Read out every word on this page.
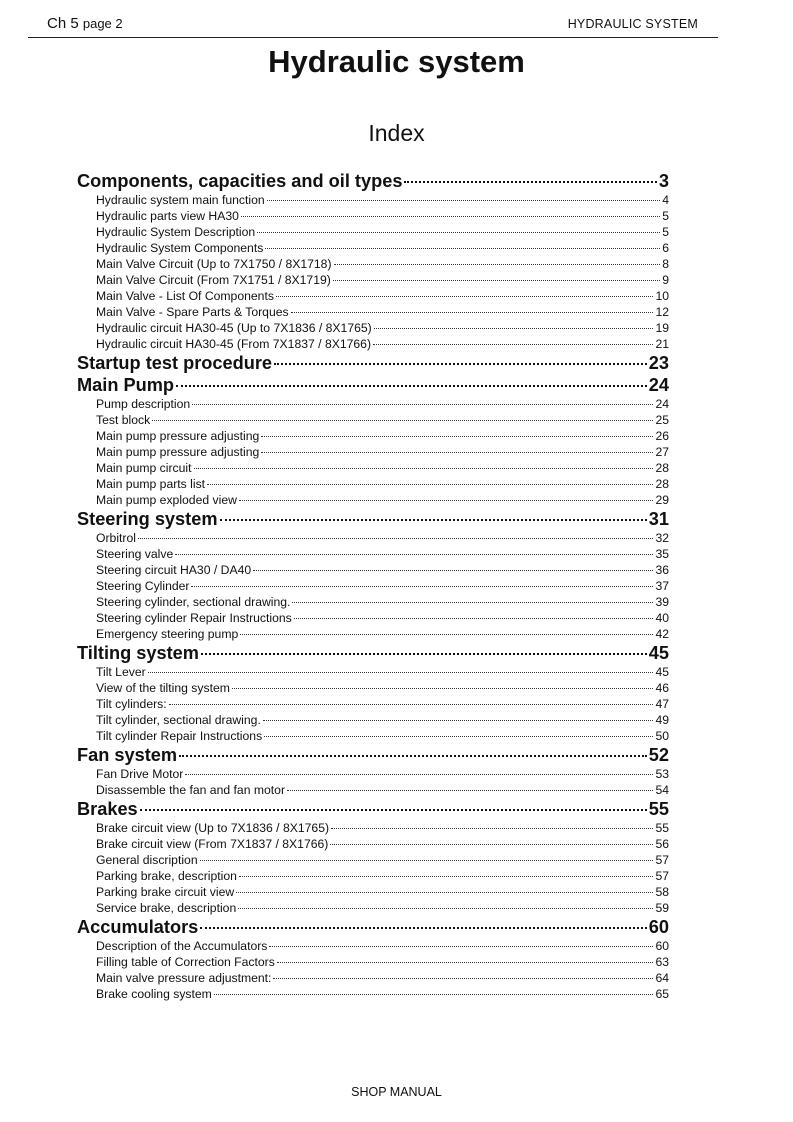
Ch 5 page 2	HYDRAULIC SYSTEM
Hydraulic system
Index
Components, capacities and oil types	3
Hydraulic system main function	4
Hydraulic parts view HA30	5
Hydraulic System Description	5
Hydraulic System Components	6
Main Valve Circuit (Up to 7X1750 / 8X1718)	8
Main Valve Circuit (From 7X1751 / 8X1719)	9
Main Valve - List Of Components	10
Main Valve - Spare Parts & Torques	12
Hydraulic circuit HA30-45 (Up to 7X1836 / 8X1765)	19
Hydraulic circuit HA30-45 (From 7X1837 / 8X1766)	21
Startup test procedure	23
Main Pump	24
Pump description	24
Test block	25
Main pump pressure adjusting	26
Main pump pressure adjusting	27
Main pump circuit	28
Main pump parts list	28
Main pump exploded view	29
Steering system	31
Orbitrol	32
Steering valve	35
Steering circuit HA30 / DA40	36
Steering Cylinder	37
Steering cylinder, sectional drawing.	39
Steering cylinder Repair Instructions	40
Emergency steering pump	42
Tilting system	45
Tilt Lever	45
View of the tilting system	46
Tilt cylinders:	47
Tilt cylinder, sectional drawing.	49
Tilt cylinder Repair Instructions	50
Fan system	52
Fan Drive Motor	53
Disassemble the fan and fan motor	54
Brakes	55
Brake circuit view (Up to 7X1836 / 8X1765)	55
Brake circuit view (From 7X1837 / 8X1766)	56
General discription	57
Parking brake, description	57
Parking brake circuit view	58
Service brake, description	59
Accumulators	60
Description of the Accumulators	60
Filling table of Correction Factors	63
Main valve pressure adjustment:	64
Brake cooling system	65
SHOP MANUAL
